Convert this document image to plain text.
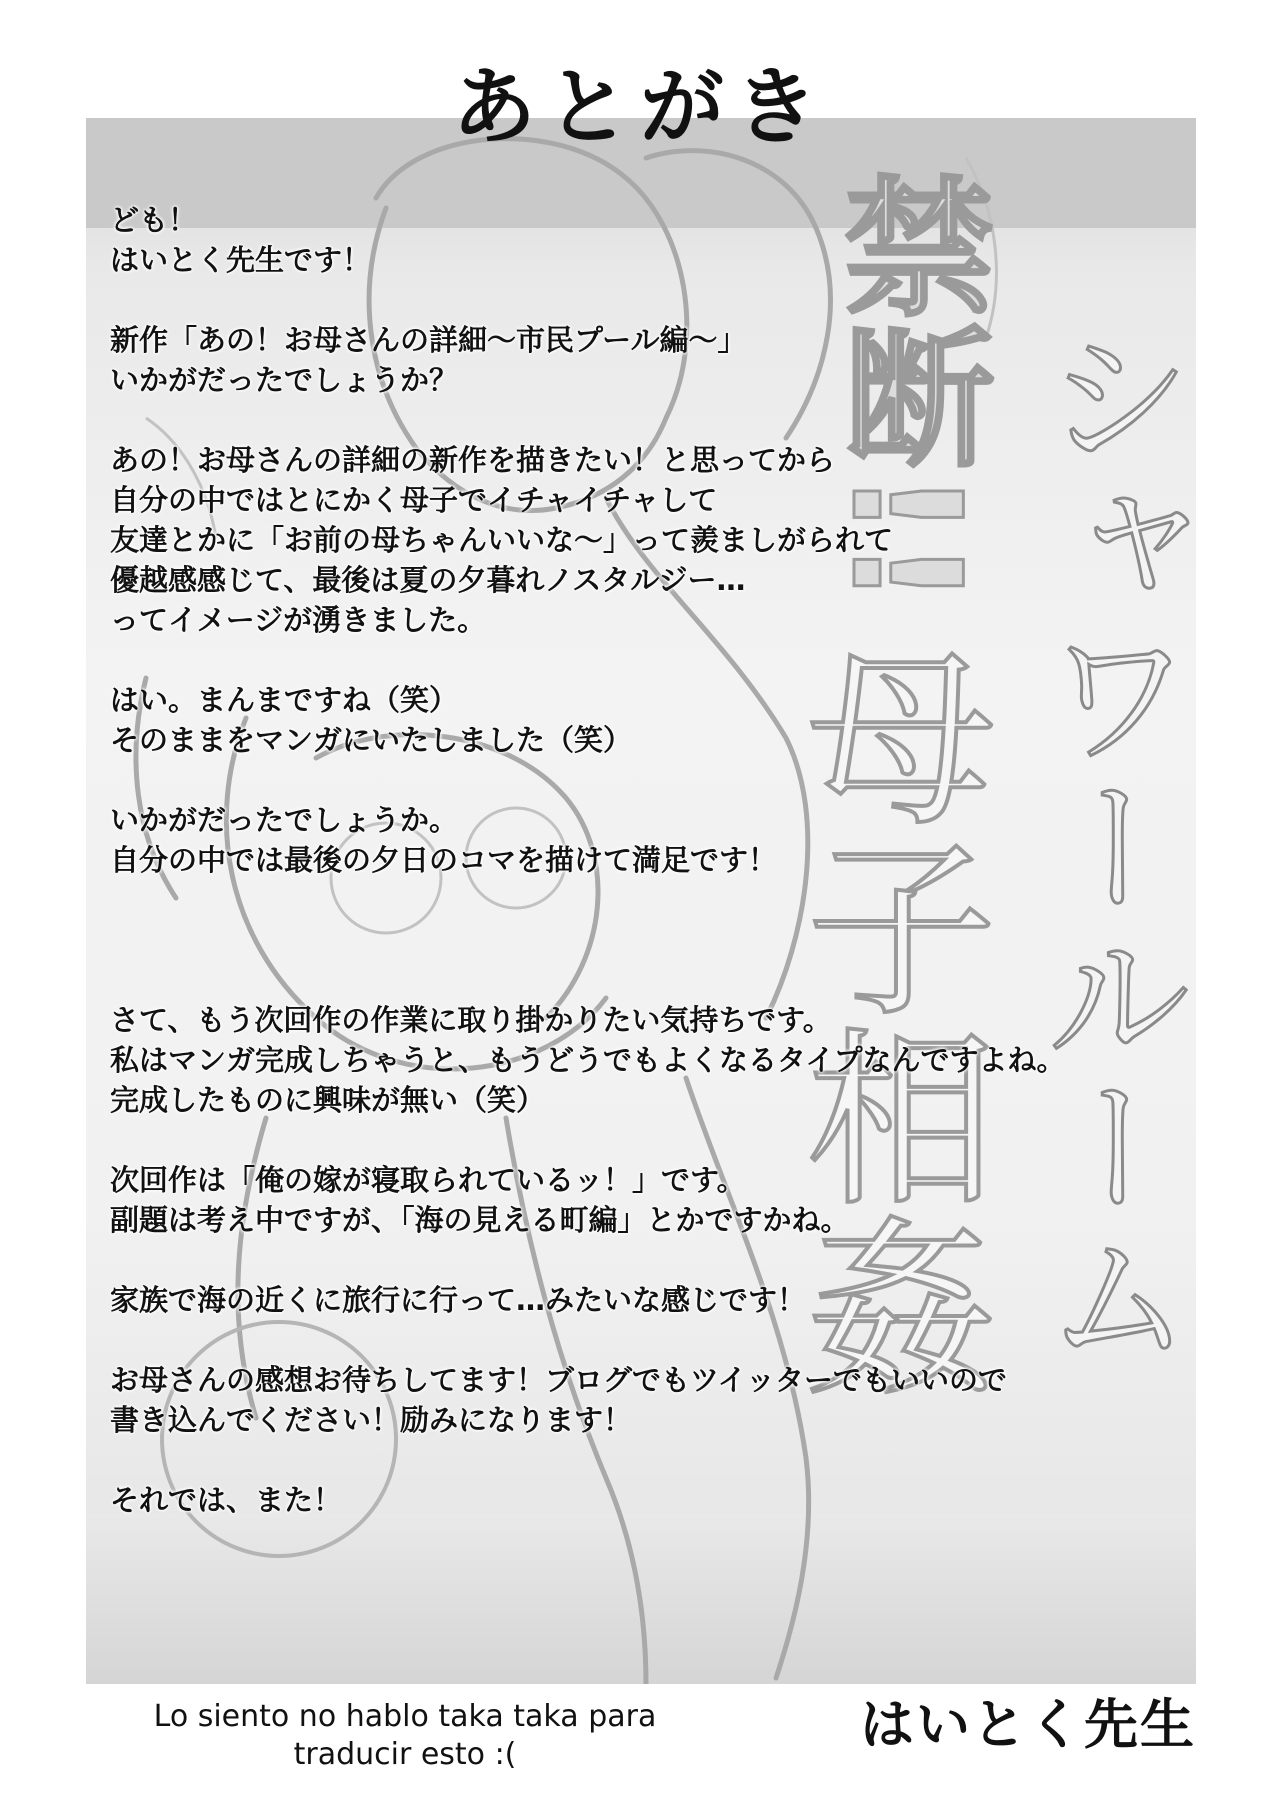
あとがき
禁断!! シャワールーム
母子相姦

ども！

はいとく先生です！

新作「あの！お母さんの詳細〜市民プール編〜」

いかがだったでしょうか？

あの！お母さんの詳細の新作を描きたい！と思ってから

自分の中ではとにかく母子でイチャイチャして

友達とかに「お前の母ちゃんいいな〜」って羨ましがられて

優越感感じて、最後は夏の夕暮れノスタルジー…

ってイメージが湧きました。

はい。まんまですね（笑）

そのままをマンガにいたしました（笑）

いかがだったでしょうか。

自分の中では最後の夕日のコマを描けて満足です！

さて、もう次回作の作業に取り掛かりたい気持ちです。

私はマンガ完成しちゃうと、もうどうでもよくなるタイプなんですよね。

完成したものに興味が無い（笑）

次回作は「俺の嫁が寝取られているッ！」です。

副題は考え中ですが、「海の見える町編」とかですかね。

家族で海の近くに旅行に行って…みたいな感じです！

お母さんの感想お待ちしてます！ブログでもツイッターでもいいので

書き込んでください！励みになります！

それでは、また！

Lo siento no hablo taka taka para
traducir esto :(	はいとく先生
